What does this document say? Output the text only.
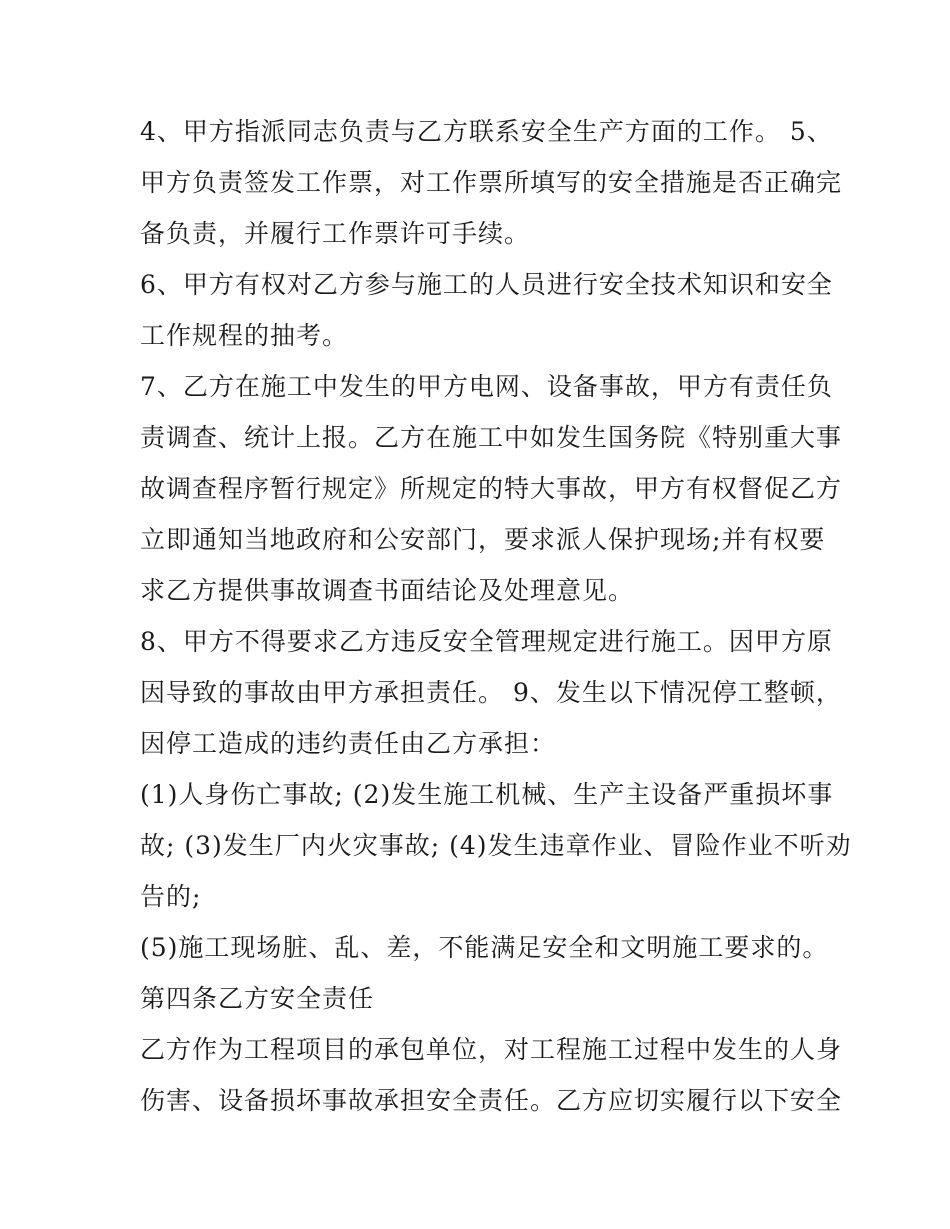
4、甲方指派同志负责与乙方联系安全生产方面的工作。 5、
甲方负责签发工作票，对工作票所填写的安全措施是否正确完
备负责，并履行工作票许可手续。
6、甲方有权对乙方参与施工的人员进行安全技术知识和安全
工作规程的抽考。
7、乙方在施工中发生的甲方电网、设备事故，甲方有责任负
责调查、统计上报。乙方在施工中如发生国务院《特别重大事
故调查程序暂行规定》所规定的特大事故，甲方有权督促乙方
立即通知当地政府和公安部门，要求派人保护现场;并有权要
求乙方提供事故调查书面结论及处理意见。
8、甲方不得要求乙方违反安全管理规定进行施工。因甲方原
因导致的事故由甲方承担责任。 9、发生以下情况停工整顿，
因停工造成的违约责任由乙方承担：
(1)人身伤亡事故; (2)发生施工机械、生产主设备严重损坏事
故; (3)发生厂内火灾事故; (4)发生违章作业、冒险作业不听劝
告的;
(5)施工现场脏、乱、差，不能满足安全和文明施工要求的。
第四条乙方安全责任
乙方作为工程项目的承包单位，对工程施工过程中发生的人身
伤害、设备损坏事故承担安全责任。乙方应切实履行以下安全
